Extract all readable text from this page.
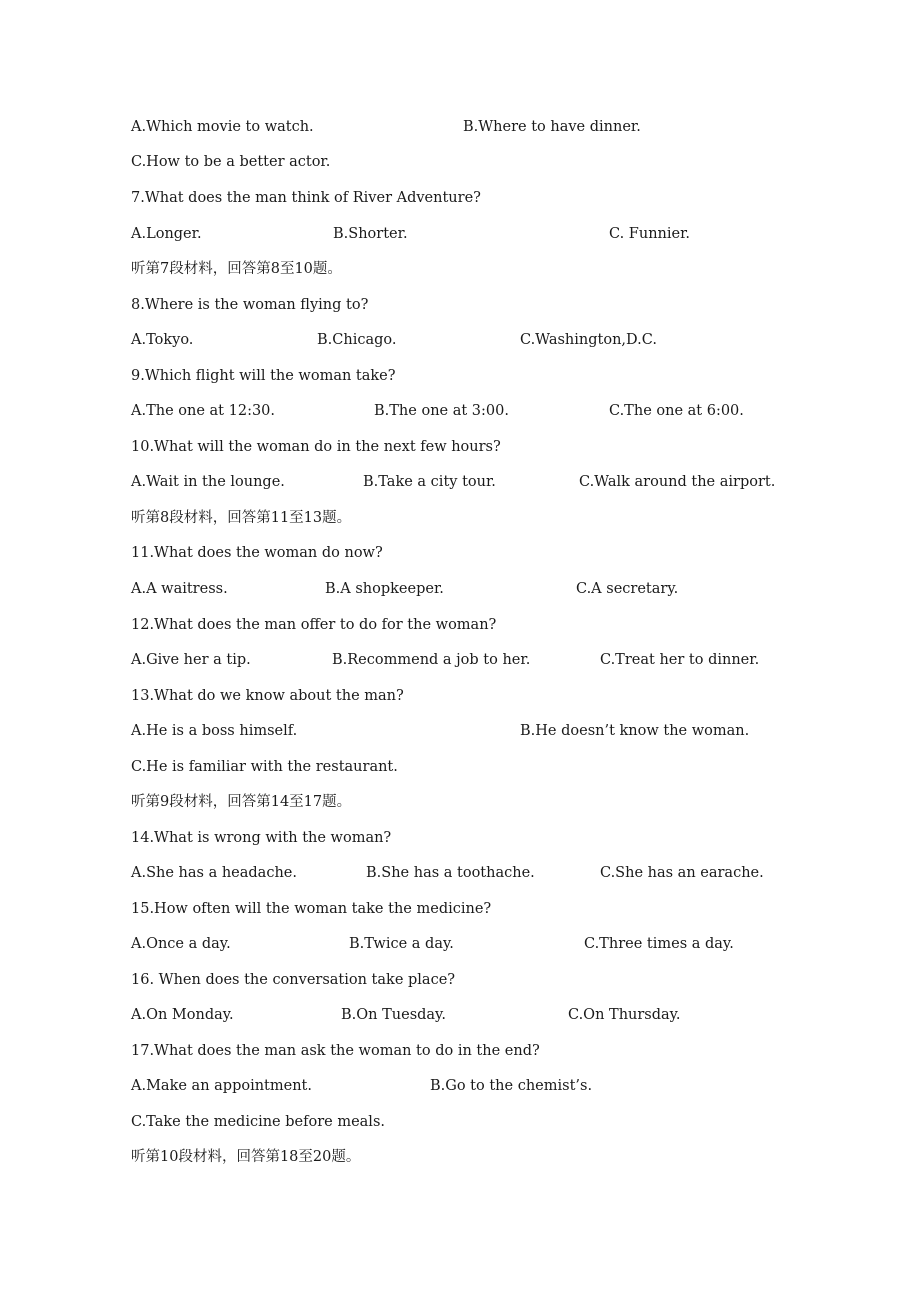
A.Which movie to watch.	B.Where to have dinner.
C.How to be a better actor.
7.What does the man think of River Adventure?
A.Longer.	B.Shorter.	C. Funnier.
听第7段材料，回答第8至10题。
8.Where is the woman flying to?
A.Tokyo.	B.Chicago.	C.Washington,D.C.
9.Which flight will the woman take?
A.The one at 12:30.	B.The one at 3:00.	C.The one at 6:00.
10.What will the woman do in the next few hours?
A.Wait in the lounge.	B.Take a city tour.	C.Walk around the airport.
听第8段材料，回答第11至13题。
11.What does the woman do now?
A.A waitress.	B.A shopkeeper.	C.A secretary.
12.What does the man offer to do for the woman?
A.Give her a tip.	B.Recommend a job to her.	C.Treat her to dinner.
13.What do we know about the man?
A.He is a boss himself.	B.He doesn’t know the woman.
C.He is familiar with the restaurant.
听第9段材料，回答第14至17题。
14.What is wrong with the woman?
A.She has a headache.	B.She has a toothache.	C.She has an earache.
15.How often will the woman take the medicine?
A.Once a day.	B.Twice a day.	C.Three times a day.
16. When does the conversation take place?
A.On Monday.	B.On Tuesday.	C.On Thursday.
17.What does the man ask the woman to do in the end?
A.Make an appointment.	B.Go to the chemist’s.
C.Take the medicine before meals.
听第10段材料，回答第18至20题。
